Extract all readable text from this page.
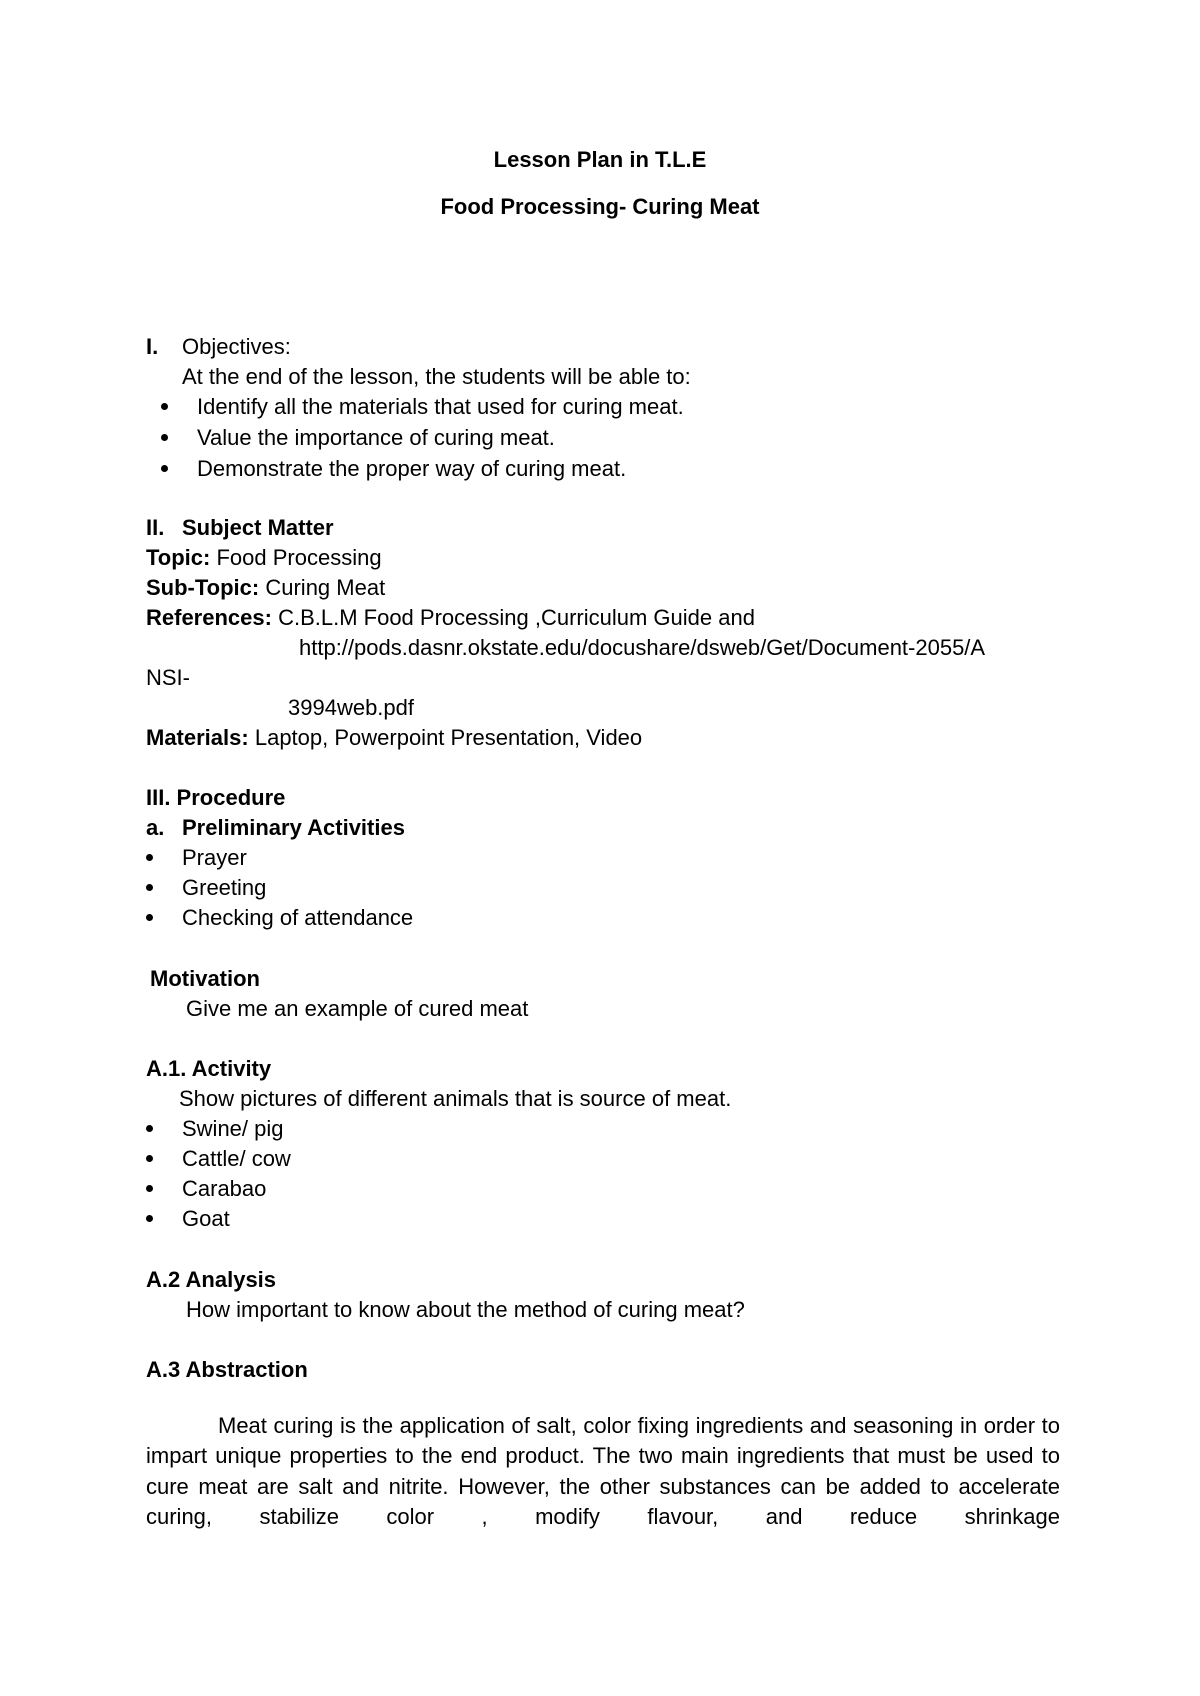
Lesson Plan in T.L.E
Food Processing- Curing Meat
I. Objectives:
At the end of the lesson, the students will be able to:
Identify all the materials that used for curing meat.
Value the importance of curing meat.
Demonstrate the proper way of curing meat.
II. Subject Matter
Topic: Food Processing
Sub-Topic: Curing Meat
References: C.B.L.M Food Processing ,Curriculum Guide and
http://pods.dasnr.okstate.edu/docushare/dsweb/Get/Document-2055/A
NSI-
3994web.pdf
Materials: Laptop, Powerpoint Presentation, Video
III. Procedure
a. Preliminary Activities
Prayer
Greeting
Checking of attendance
Motivation
Give me an example of cured meat
A.1. Activity
Show pictures of different animals that is source of meat.
Swine/ pig
Cattle/ cow
Carabao
Goat
A.2 Analysis
How important to know about the method of curing meat?
A.3 Abstraction
Meat curing is the application of salt, color fixing ingredients and seasoning in order to impart unique properties to the end product. The two main ingredients that must be used to cure meat are salt and nitrite. However, the other substances can be added to accelerate curing, stabilize color , modify flavour, and reduce shrinkage
